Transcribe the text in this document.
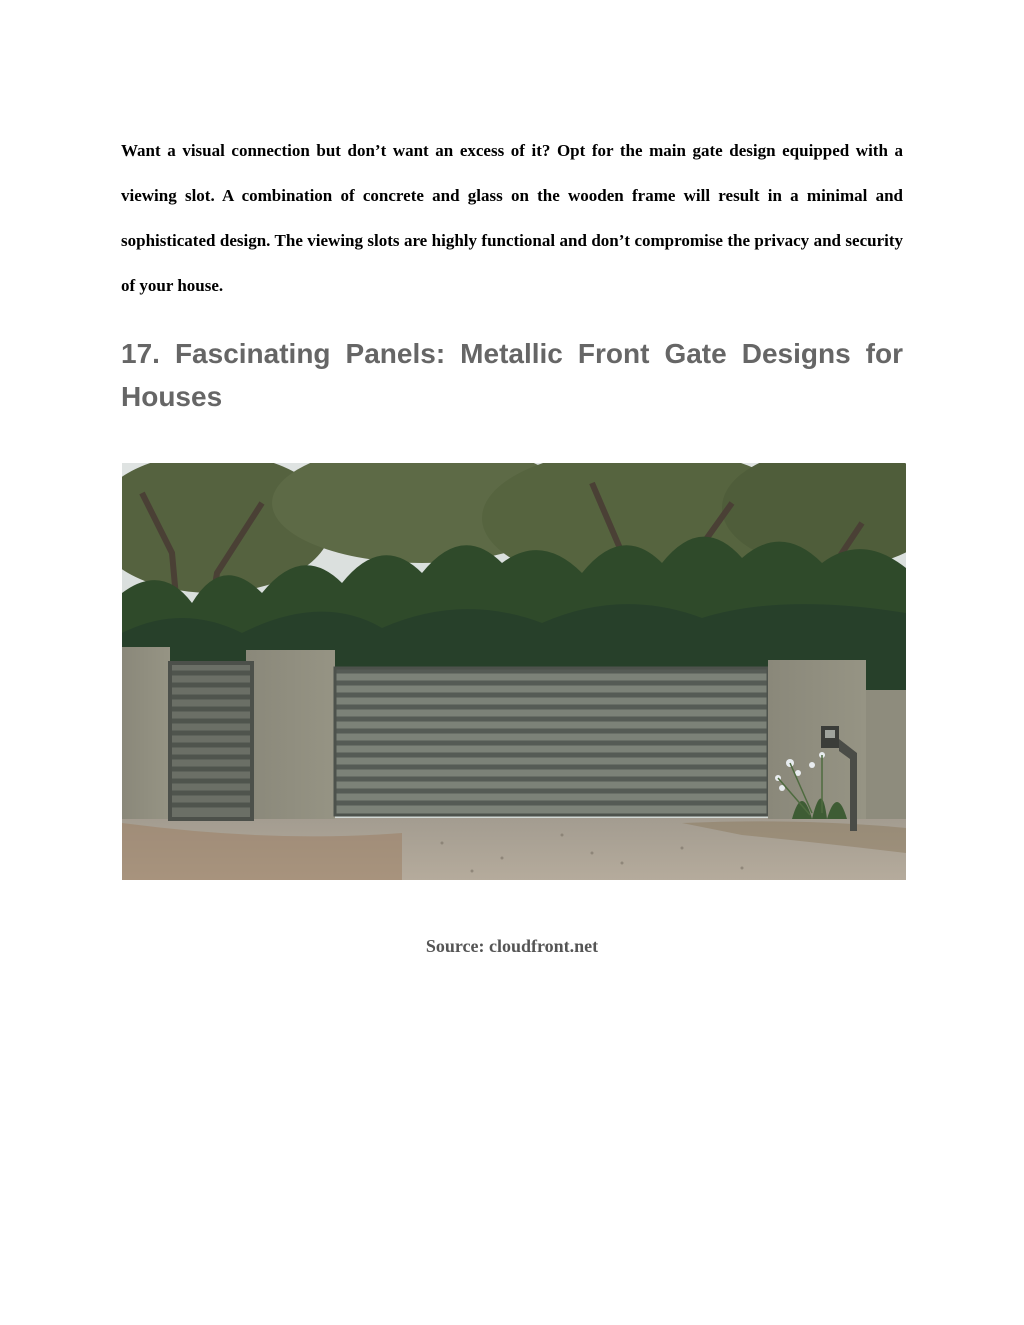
Want a visual connection but don’t want an excess of it? Opt for the main gate design equipped with a viewing slot. A combination of concrete and glass on the wooden frame will result in a minimal and sophisticated design. The viewing slots are highly functional and don’t compromise the privacy and security of your house.

17. Fascinating Panels: Metallic Front Gate Designs for Houses

Source: cloudfront.net
